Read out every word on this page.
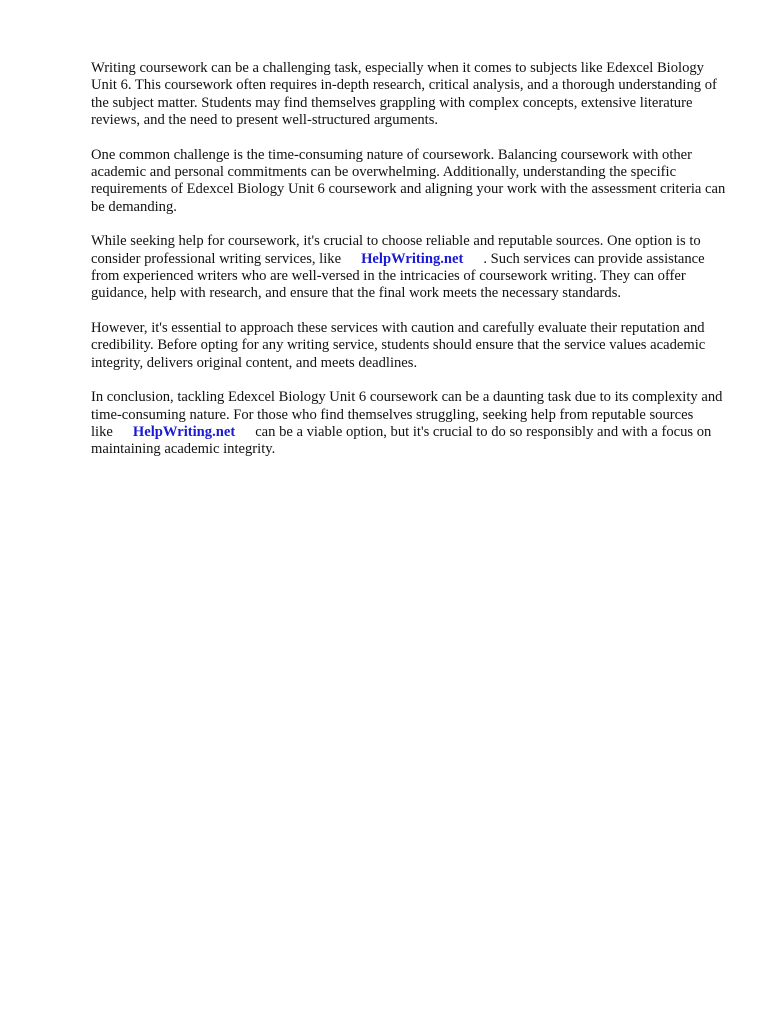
Writing coursework can be a challenging task, especially when it comes to subjects like Edexcel Biology Unit 6. This coursework often requires in-depth research, critical analysis, and a thorough understanding of the subject matter. Students may find themselves grappling with complex concepts, extensive literature reviews, and the need to present well-structured arguments.

One common challenge is the time-consuming nature of coursework. Balancing coursework with other academic and personal commitments can be overwhelming. Additionally, understanding the specific requirements of Edexcel Biology Unit 6 coursework and aligning your work with the assessment criteria can be demanding.

While seeking help for coursework, it's crucial to choose reliable and reputable sources. One option is to consider professional writing services, like HelpWriting.net . Such services can provide assistance from experienced writers who are well-versed in the intricacies of coursework writing. They can offer guidance, help with research, and ensure that the final work meets the necessary standards.

However, it's essential to approach these services with caution and carefully evaluate their reputation and credibility. Before opting for any writing service, students should ensure that the service values academic integrity, delivers original content, and meets deadlines.

In conclusion, tackling Edexcel Biology Unit 6 coursework can be a daunting task due to its complexity and time-consuming nature. For those who find themselves struggling, seeking help from reputable sources like HelpWriting.net can be a viable option, but it's crucial to do so responsibly and with a focus on maintaining academic integrity.
